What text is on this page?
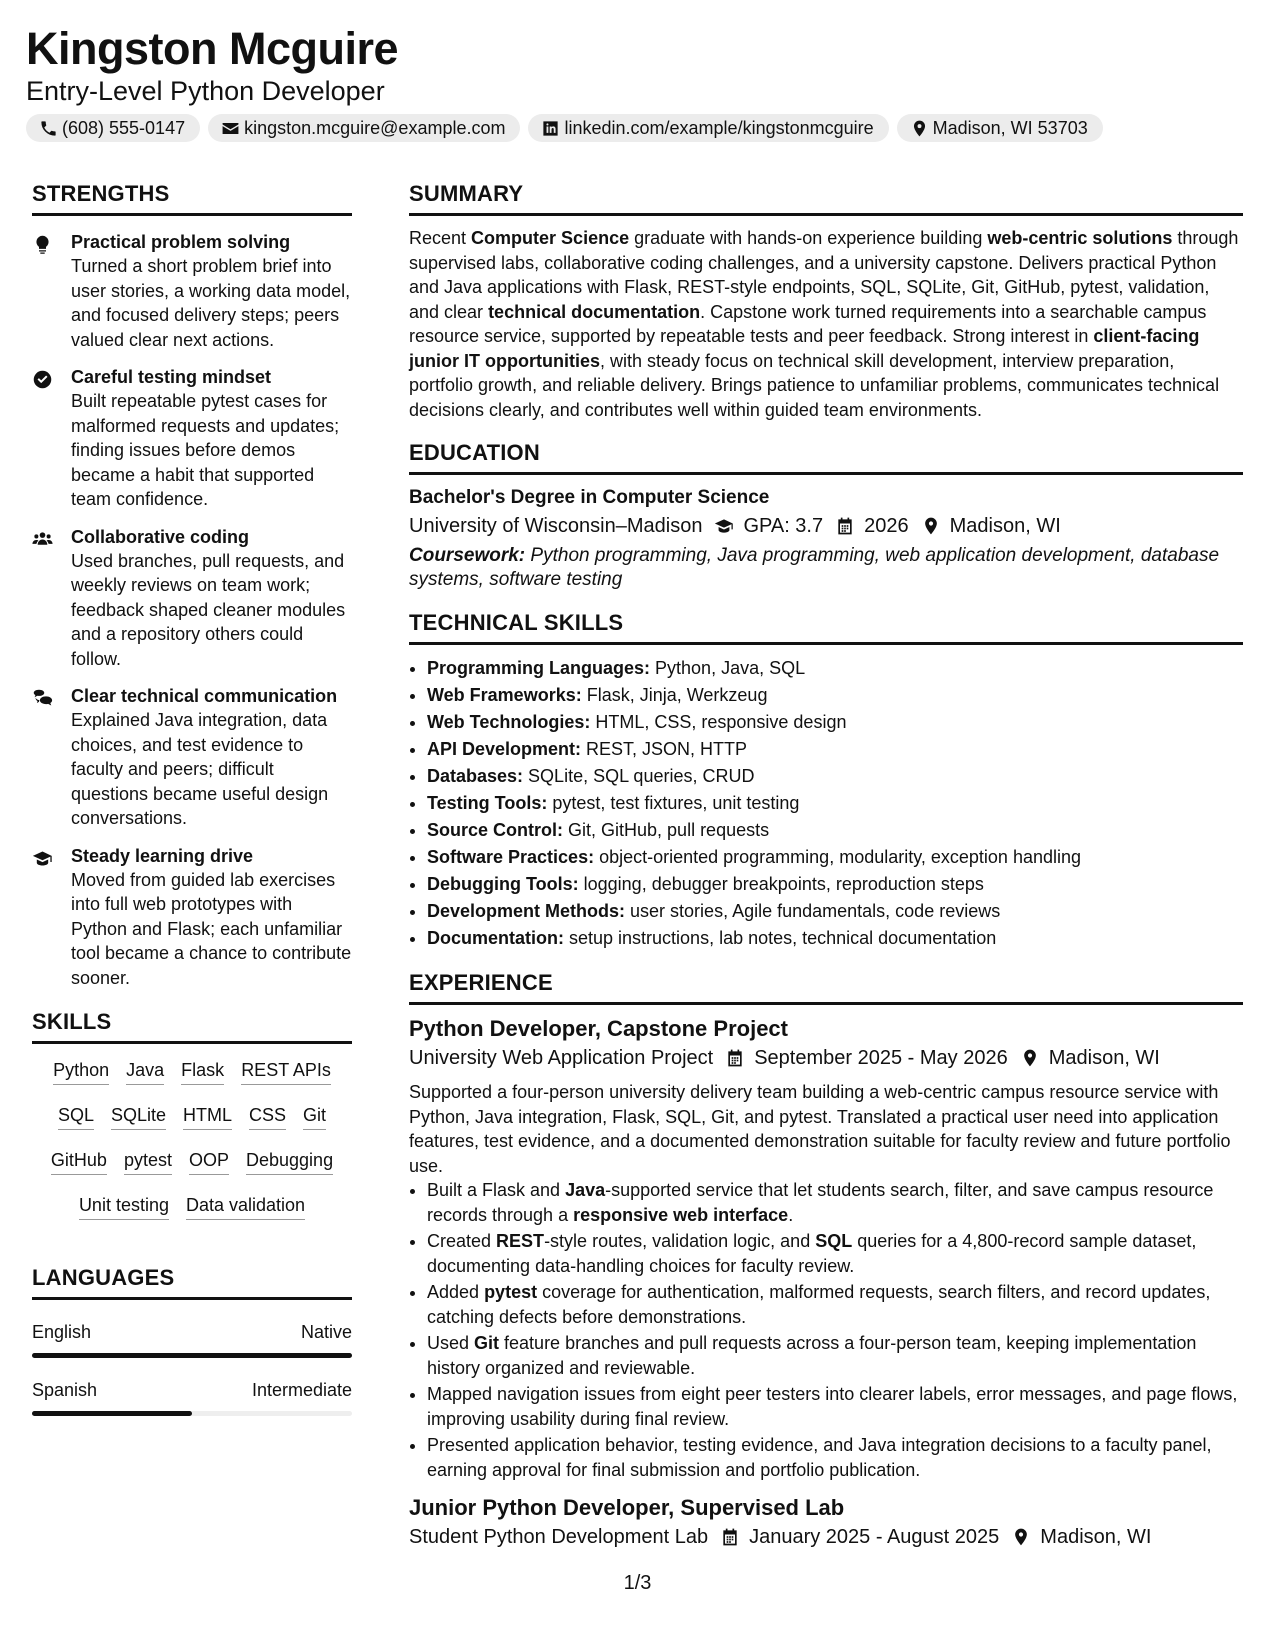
Kingston Mcguire
Entry-Level Python Developer
(608) 555-0147	kingston.mcguire@example.com	linkedin.com/example/kingstonmcguire	Madison, WI 53703
STRENGTHS
Practical problem solving
Turned a short problem brief into user stories, a working data model, and focused delivery steps; peers valued clear next actions.
Careful testing mindset
Built repeatable pytest cases for malformed requests and updates; finding issues before demos became a habit that supported team confidence.
Collaborative coding
Used branches, pull requests, and weekly reviews on team work; feedback shaped cleaner modules and a repository others could follow.
Clear technical communication
Explained Java integration, data choices, and test evidence to faculty and peers; difficult questions became useful design conversations.
Steady learning drive
Moved from guided lab exercises into full web prototypes with Python and Flask; each unfamiliar tool became a chance to contribute sooner.
SKILLS
Python Java Flask REST APIs
SQL SQLite HTML CSS Git
GitHub pytest OOP Debugging
Unit testing Data validation
LANGUAGES
English	Native
Spanish	Intermediate
SUMMARY
Recent Computer Science graduate with hands-on experience building web-centric solutions through supervised labs, collaborative coding challenges, and a university capstone. Delivers practical Python and Java applications with Flask, REST-style endpoints, SQL, SQLite, Git, GitHub, pytest, validation, and clear technical documentation. Capstone work turned requirements into a searchable campus resource service, supported by repeatable tests and peer feedback. Strong interest in client-facing junior IT opportunities, with steady focus on technical skill development, interview preparation, portfolio growth, and reliable delivery. Brings patience to unfamiliar problems, communicates technical decisions clearly, and contributes well within guided team environments.
EDUCATION
Bachelor's Degree in Computer Science
University of Wisconsin–Madison GPA: 3.7 2026 Madison, WI
Coursework: Python programming, Java programming, web application development, database systems, software testing
TECHNICAL SKILLS
• Programming Languages: Python, Java, SQL
• Web Frameworks: Flask, Jinja, Werkzeug
• Web Technologies: HTML, CSS, responsive design
• API Development: REST, JSON, HTTP
• Databases: SQLite, SQL queries, CRUD
• Testing Tools: pytest, test fixtures, unit testing
• Source Control: Git, GitHub, pull requests
• Software Practices: object-oriented programming, modularity, exception handling
• Debugging Tools: logging, debugger breakpoints, reproduction steps
• Development Methods: user stories, Agile fundamentals, code reviews
• Documentation: setup instructions, lab notes, technical documentation
EXPERIENCE
Python Developer, Capstone Project
University Web Application Project September 2025 - May 2026 Madison, WI
Supported a four-person university delivery team building a web-centric campus resource service with Python, Java integration, Flask, SQL, Git, and pytest. Translated a practical user need into application features, test evidence, and a documented demonstration suitable for faculty review and future portfolio use.
• Built a Flask and Java-supported service that let students search, filter, and save campus resource records through a responsive web interface.
• Created REST-style routes, validation logic, and SQL queries for a 4,800-record sample dataset, documenting data-handling choices for faculty review.
• Added pytest coverage for authentication, malformed requests, search filters, and record updates, catching defects before demonstrations.
• Used Git feature branches and pull requests across a four-person team, keeping implementation history organized and reviewable.
• Mapped navigation issues from eight peer testers into clearer labels, error messages, and page flows, improving usability during final review.
• Presented application behavior, testing evidence, and Java integration decisions to a faculty panel, earning approval for final submission and portfolio publication.
Junior Python Developer, Supervised Lab
Student Python Development Lab January 2025 - August 2025 Madison, WI
1/3
